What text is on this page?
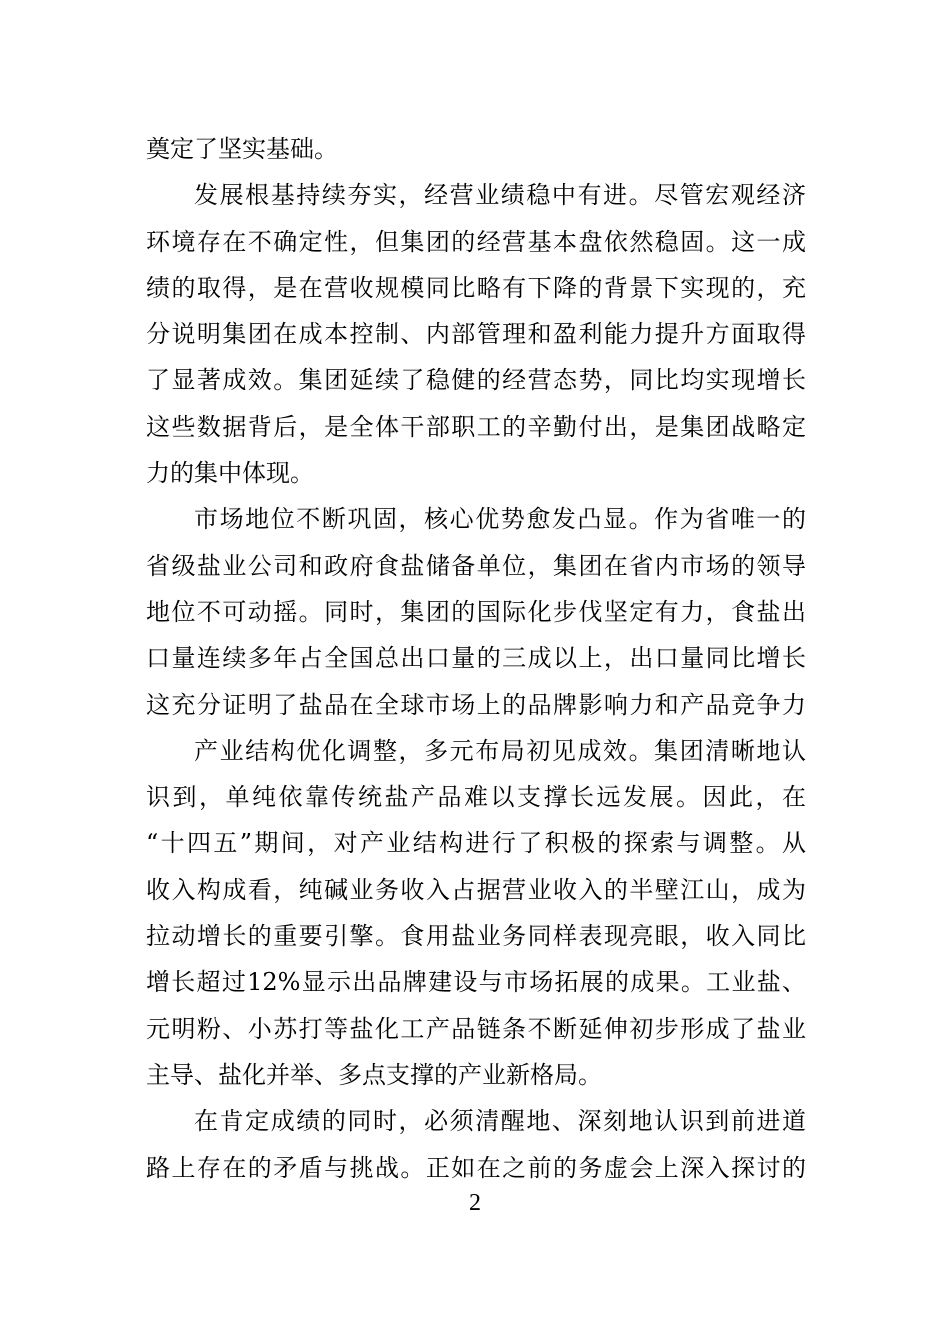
奠定了坚实基础。
发展根基持续夯实，经营业绩稳中有进。尽管宏观经济
环境存在不确定性，但集团的经营基本盘依然稳固。这一成
绩的取得，是在营收规模同比略有下降的背景下实现的，充
分说明集团在成本控制、内部管理和盈利能力提升方面取得
了显著成效。集团延续了稳健的经营态势，同比均实现增长
这些数据背后，是全体干部职工的辛勤付出，是集团战略定
力的集中体现。
市场地位不断巩固，核心优势愈发凸显。作为省唯一的
省级盐业公司和政府食盐储备单位，集团在省内市场的领导
地位不可动摇。同时，集团的国际化步伐坚定有力，食盐出
口量连续多年占全国总出口量的三成以上，出口量同比增长
这充分证明了盐品在全球市场上的品牌影响力和产品竞争力
产业结构优化调整，多元布局初见成效。集团清晰地认
识到，单纯依靠传统盐产品难以支撑长远发展。因此，在
“十四五”期间，对产业结构进行了积极的探索与调整。从
收入构成看，纯碱业务收入占据营业收入的半壁江山，成为
拉动增长的重要引擎。食用盐业务同样表现亮眼，收入同比
增长超过12%显示出品牌建设与市场拓展的成果。工业盐、
元明粉、小苏打等盐化工产品链条不断延伸初步形成了盐业
主导、盐化并举、多点支撑的产业新格局。
在肯定成绩的同时，必须清醒地、深刻地认识到前进道
路上存在的矛盾与挑战。正如在之前的务虚会上深入探讨的
2
